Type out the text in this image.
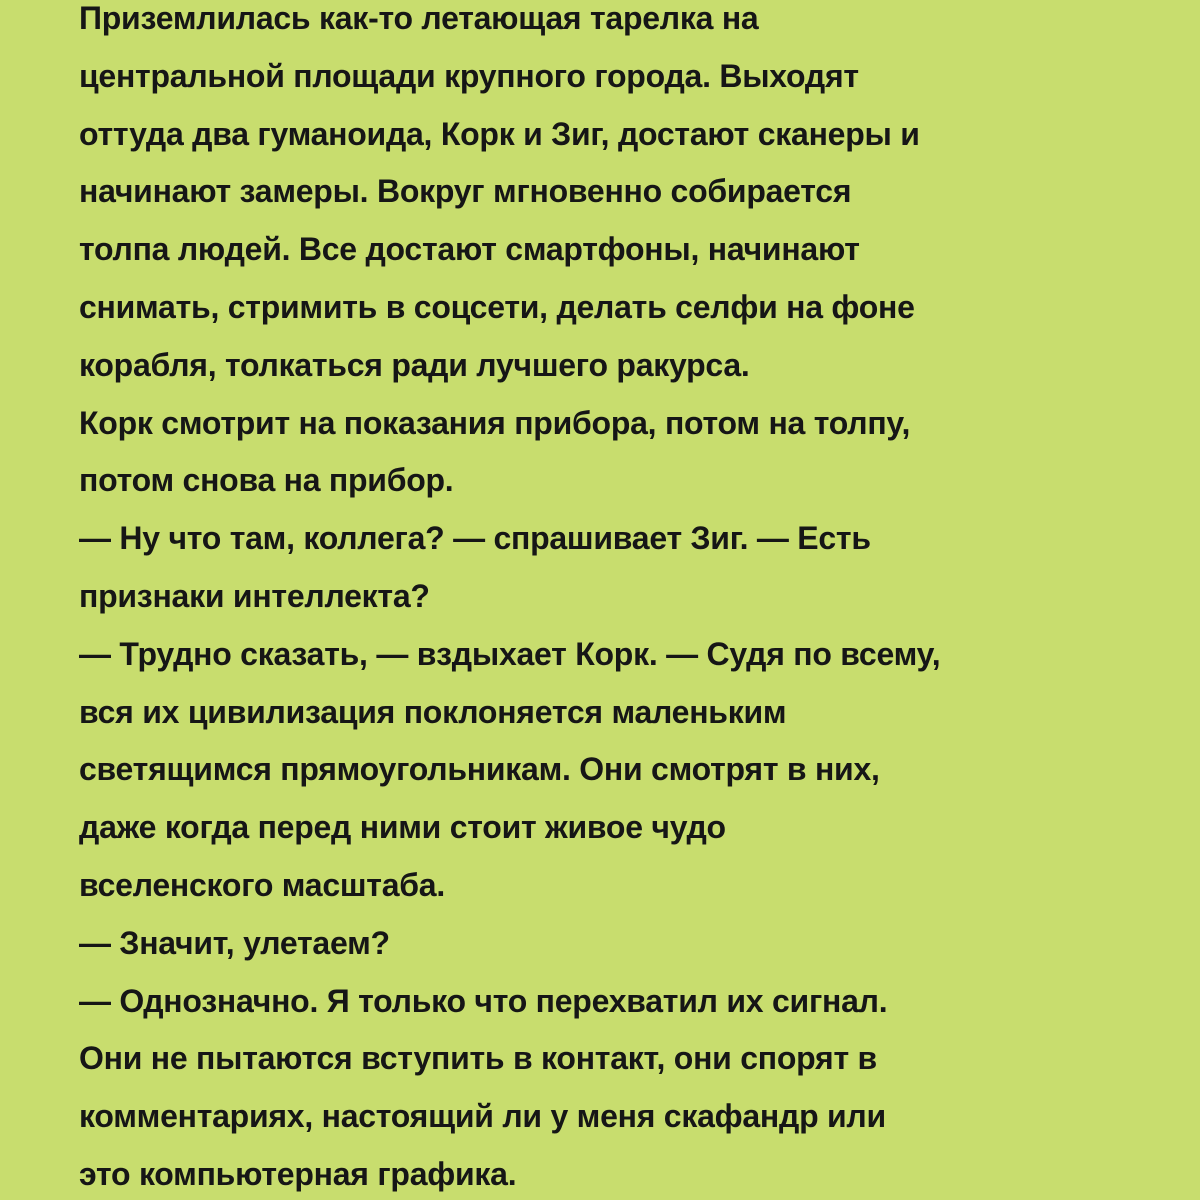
Приземлилась как-то летающая тарелка на
центральной площади крупного города. Выходят
оттуда два гуманоида, Корк и Зиг, достают сканеры и
начинают замеры. Вокруг мгновенно собирается
толпа людей. Все достают смартфоны, начинают
снимать, стримить в соцсети, делать селфи на фоне
корабля, толкаться ради лучшего ракурса.
Корк смотрит на показания прибора, потом на толпу,
потом снова на прибор.
— Ну что там, коллега? — спрашивает Зиг. — Есть
признаки интеллекта?
— Трудно сказать, — вздыхает Корк. — Судя по всему,
вся их цивилизация поклоняется маленьким
светящимся прямоугольникам. Они смотрят в них,
даже когда перед ними стоит живое чудо
вселенского масштаба.
— Значит, улетаем?
— Однозначно. Я только что перехватил их сигнал.
Они не пытаются вступить в контакт, они спорят в
комментариях, настоящий ли у меня скафандр или
это компьютерная графика.
